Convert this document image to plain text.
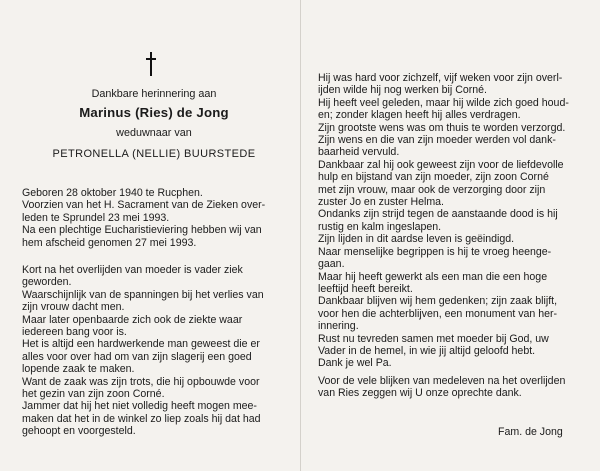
Dankbare herinnering aan
Marinus (Ries) de Jong
weduwnaar van
PETRONELLA (NELLIE) BUURSTEDE
Geboren 28 oktober 1940 te Rucphen.
Voorzien van het H. Sacrament van de Zieken over-
leden te Sprundel 23 mei 1993.
Na een plechtige Eucharistieviering hebben wij van
hem afscheid genomen 27 mei 1993.
Kort na het overlijden van moeder is vader ziek
geworden.
Waarschijnlijk van de spanningen bij het verlies van
zijn vrouw dacht men.
Maar later openbaarde zich ook de ziekte waar
iedereen bang voor is.
Het is altijd een hardwerkende man geweest die er
alles voor over had om van zijn slagerij een goed
lopende zaak te maken.
Want de zaak was zijn trots, die hij opbouwde voor
het gezin van zijn zoon Corné.
Jammer dat hij het niet volledig heeft mogen mee-
maken dat het in de winkel zo liep zoals hij dat had
gehoopt en voorgesteld.
Hij was hard voor zichzelf, vijf weken voor zijn overl-
ijden wilde hij nog werken bij Corné.
Hij heeft veel geleden, maar hij wilde zich goed houd-
en; zonder klagen heeft hij alles verdragen.
Zijn grootste wens was om thuis te worden verzorgd.
Zijn wens en die van zijn moeder werden vol dank-
baarheid vervuld.
Dankbaar zal hij ook geweest zijn voor de liefdevolle
hulp en bijstand van zijn moeder, zijn zoon Corné
met zijn vrouw, maar ook de verzorging door zijn
zuster Jo en zuster Helma.
Ondanks zijn strijd tegen de aanstaande dood is hij
rustig en kalm ingeslapen.
Zijn lijden in dit aardse leven is geëindigd.
Naar menselijke begrippen is hij te vroeg heenge-
gaan.
Maar hij heeft gewerkt als een man die een hoge
leeftijd heeft bereikt.
Dankbaar blijven wij hem gedenken; zijn zaak blijft,
voor hen die achterblijven, een monument van her-
innering.
Rust nu tevreden samen met moeder bij God, uw
Vader in de hemel, in wie jij altijd geloofd hebt.
Dank je wel Pa.
Voor de vele blijken van medeleven na het overlijden
van Ries zeggen wij U onze oprechte dank.
Fam. de Jong
